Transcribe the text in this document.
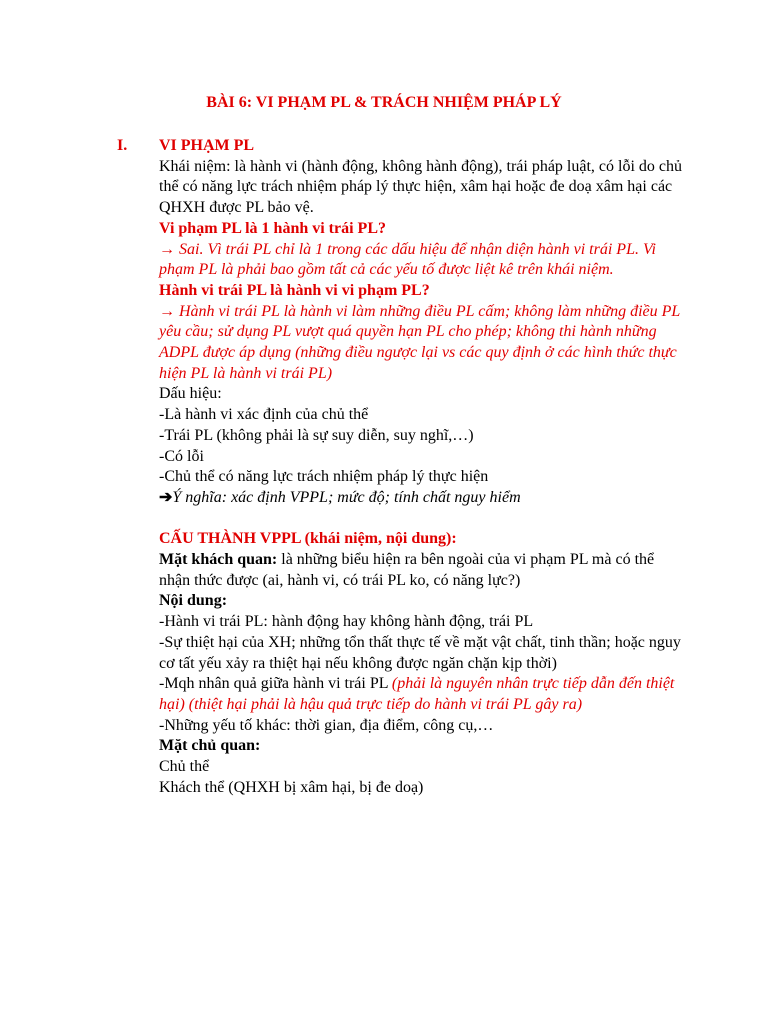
BÀI 6: VI PHẠM PL & TRÁCH NHIỆM PHÁP LÝ
I. VI PHẠM PL

Khái niệm: là hành vi (hành động, không hành động), trái pháp luật, có lỗi do chủ thể có năng lực trách nhiệm pháp lý thực hiện, xâm hại hoặc đe doạ xâm hại các QHXH được PL bảo vệ.

Vi phạm PL là 1 hành vi trái PL?

→ Sai. Vì trái PL chỉ là 1 trong các dấu hiệu để nhận diện hành vi trái PL. Vi phạm PL là phải bao gồm tất cả các yếu tố được liệt kê trên khái niệm.

Hành vi trái PL là hành vi vi phạm PL?

→ Hành vi trái PL là hành vi làm những điều PL cấm; không làm những điều PL yêu cầu; sử dụng PL vượt quá quyền hạn PL cho phép; không thi hành những ADPL được áp dụng (những điều ngược lại vs các quy định ở các hình thức thực hiện PL là hành vi trái PL)

Dấu hiệu:

-Là hành vi xác định của chủ thể

-Trái PL (không phải là sự suy diễn, suy nghĩ,…)

-Có lỗi

-Chủ thể có năng lực trách nhiệm pháp lý thực hiện

➔Ý nghĩa: xác định VPPL; mức độ; tính chất nguy hiểm

CẤU THÀNH VPPL (khái niệm, nội dung):

Mặt khách quan: là những biểu hiện ra bên ngoài của vi phạm PL mà có thể nhận thức được (ai, hành vi, có trái PL ko, có năng lực?)

Nội dung:

-Hành vi trái PL: hành động hay không hành động, trái PL

-Sự thiệt hại của XH; những tổn thất thực tế về mặt vật chất, tinh thần; hoặc nguy cơ tất yếu xảy ra thiệt hại nếu không được ngăn chặn kịp thời)

-Mqh nhân quả giữa hành vi trái PL (phải là nguyên nhân trực tiếp dẫn đến thiệt hại) (thiệt hại phải là hậu quả trực tiếp do hành vi trái PL gây ra)

-Những yếu tố khác: thời gian, địa điểm, công cụ,…

Mặt chủ quan:

Chủ thể

Khách thể (QHXH bị xâm hại, bị đe doạ)
